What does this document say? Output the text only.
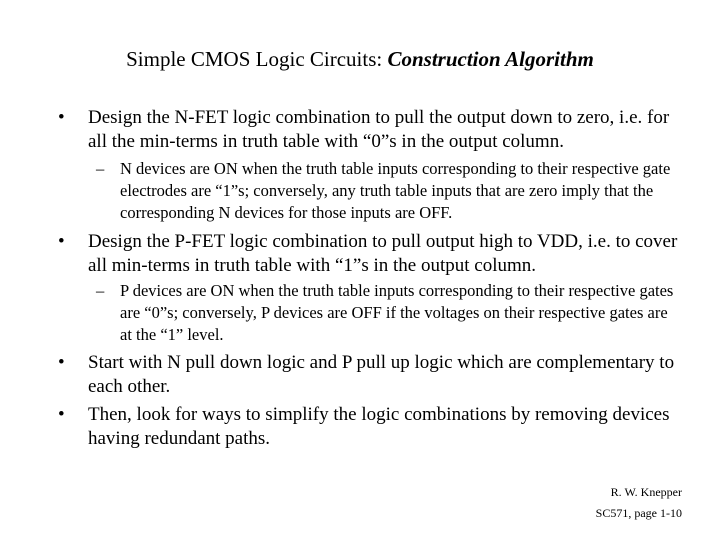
Simple CMOS Logic Circuits: Construction Algorithm
•	Design the N-FET logic combination to pull the output down to zero, i.e. for all the min-terms in truth table with “0”s in the output column.
– N devices are ON when the truth table inputs corresponding to their respective gate electrodes are “1”s; conversely, any truth table inputs that are zero imply that the corresponding N devices for those inputs are OFF.
•	Design the P-FET logic combination to pull output high to VDD, i.e. to cover all min-terms in truth table with “1”s in the output column.
– P devices are ON when the truth table inputs corresponding to their respective gates are “0”s; conversely, P devices are OFF if the voltages on their respective gates are at the “1” level.
•	Start with N pull down logic and P pull up logic which are complementary to each other.
•	Then, look for ways to simplify the logic combinations by removing devices having redundant paths.
R. W. Knepper
SC571, page 1-10
